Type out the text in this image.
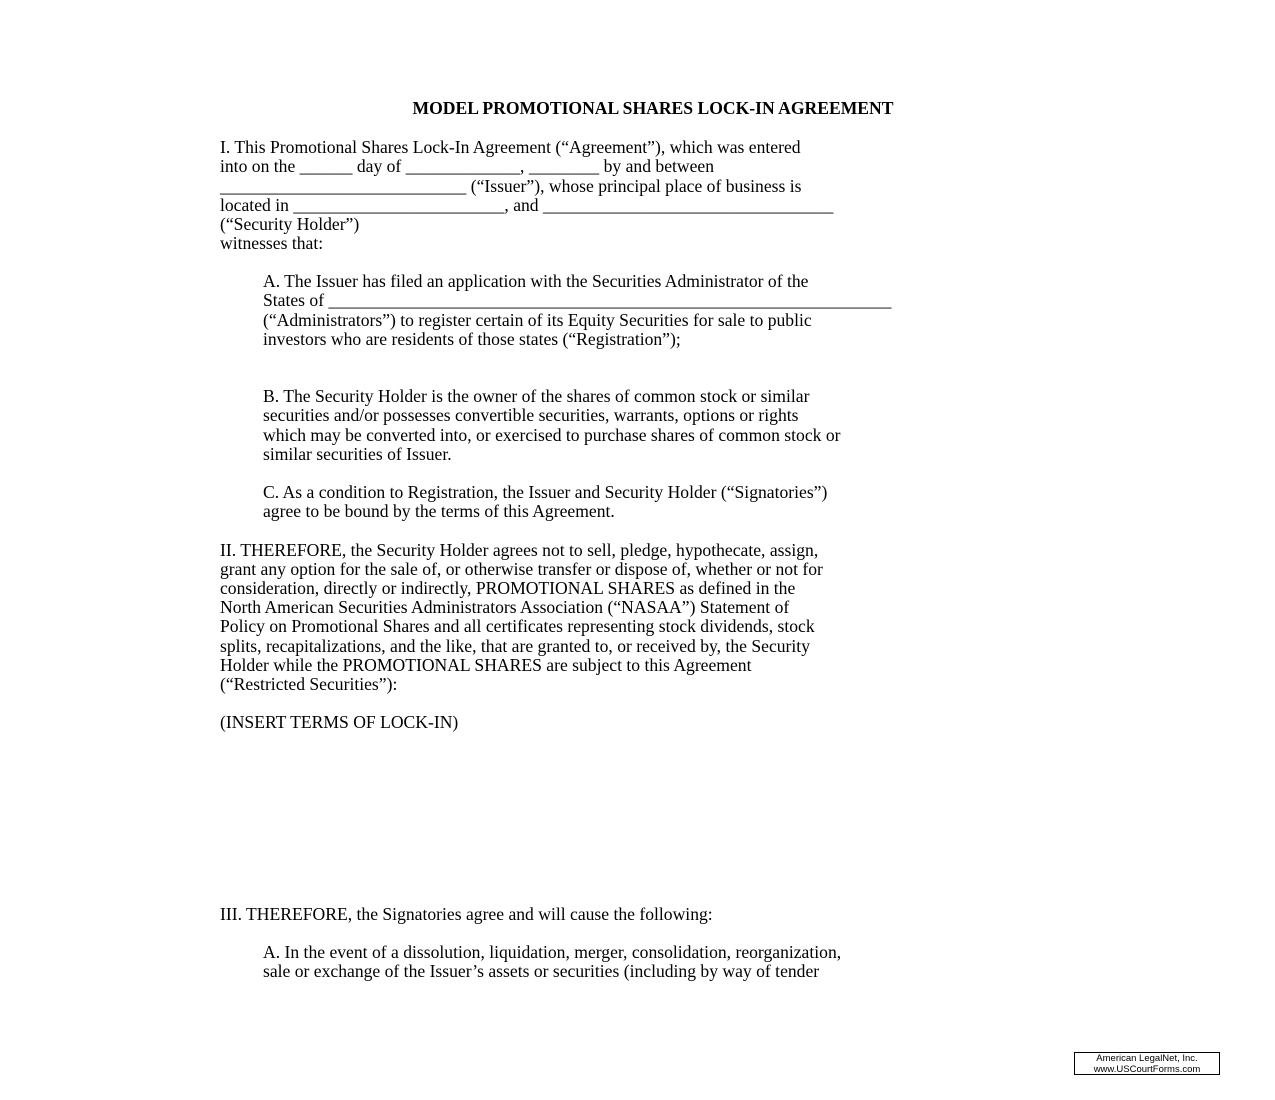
MODEL PROMOTIONAL SHARES LOCK-IN AGREEMENT
I. This Promotional Shares Lock-In Agreement (“Agreement”), which was entered
into on the ______ day of _____________, ________ by and between
____________________________ (“Issuer”), whose principal place of business is
located in ________________________, and _________________________________
(“Security Holder”)
witnesses that:
A. The Issuer has filed an application with the Securities Administrator of the
States of ________________________________________________________________
(“Administrators”) to register certain of its Equity Securities for sale to public
investors who are residents of those states (“Registration”);
B. The Security Holder is the owner of the shares of common stock or similar
securities and/or possesses convertible securities, warrants, options or rights
which may be converted into, or exercised to purchase shares of common stock or
similar securities of Issuer.
C. As a condition to Registration, the Issuer and Security Holder (“Signatories”)
agree to be bound by the terms of this Agreement.
II. THEREFORE, the Security Holder agrees not to sell, pledge, hypothecate, assign,
grant any option for the sale of, or otherwise transfer or dispose of, whether or not for
consideration, directly or indirectly, PROMOTIONAL SHARES as defined in the
North American Securities Administrators Association (“NASAA”) Statement of
Policy on Promotional Shares and all certificates representing stock dividends, stock
splits, recapitalizations, and the like, that are granted to, or received by, the Security
Holder while the PROMOTIONAL SHARES are subject to this Agreement
(“Restricted Securities”):
(INSERT TERMS OF LOCK-IN)
III. THEREFORE, the Signatories agree and will cause the following:
A. In the event of a dissolution, liquidation, merger, consolidation, reorganization,
sale or exchange of the Issuer’s assets or securities (including by way of tender
American LegalNet, Inc.
www.USCourtForms.com
